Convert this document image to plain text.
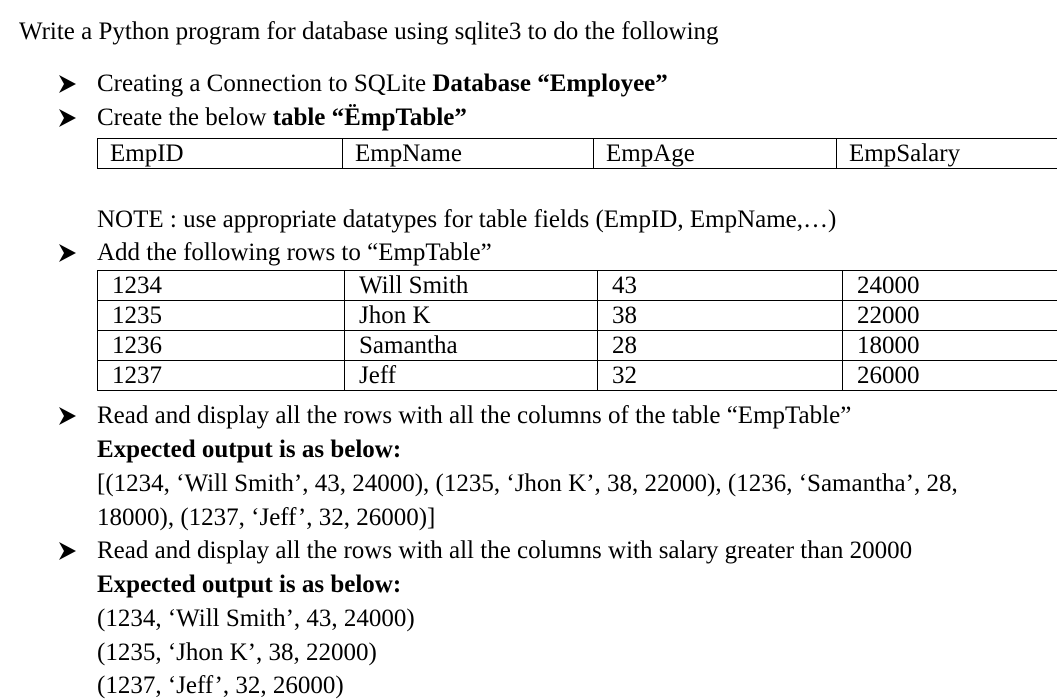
Write a Python program for database using sqlite3 to do the following
Creating a Connection to SQLite Database “Employee”
Create the below table “ËmpTable”
EmpID	EmpName	EmpAge	EmpSalary
NOTE : use appropriate datatypes for table fields (EmpID, EmpName,…)
Add the following rows to “EmpTable”
1234	Will Smith	43	24000
1235	Jhon K	38	22000
1236	Samantha	28	18000
1237	Jeff	32	26000
Read and display all the rows with all the columns of the table “EmpTable”
Expected output is as below:
[(1234, ‘Will Smith’, 43, 24000), (1235, ‘Jhon K’, 38, 22000), (1236, ‘Samantha’, 28,
18000), (1237, ‘Jeff’, 32, 26000)]
Read and display all the rows with all the columns with salary greater than 20000
Expected output is as below:
(1234, ‘Will Smith’, 43, 24000)
(1235, ‘Jhon K’, 38, 22000)
(1237, ‘Jeff’, 32, 26000)
